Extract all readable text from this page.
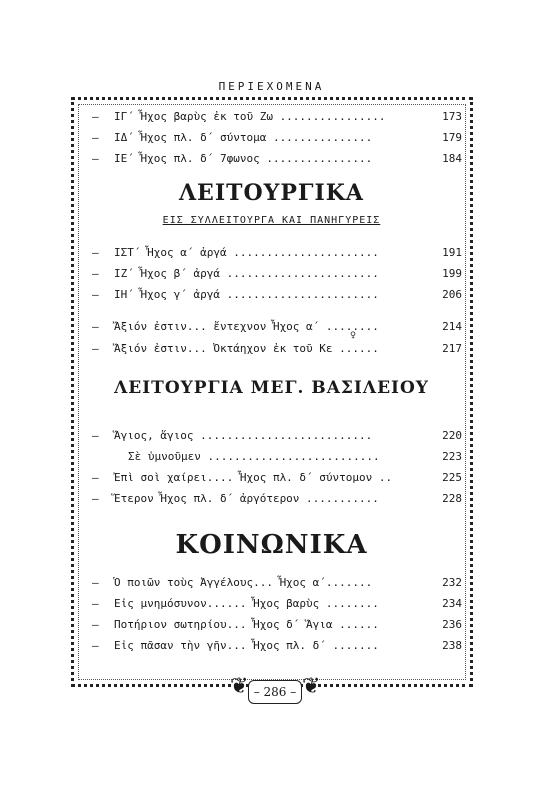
ΠΕΡΙΕΧΟΜΕΝΑ
– ΙΓ΄ Ἦχος βαρὺς ἐκ τοῦ Ζω ................	173
– ΙΔ΄ Ἦχος πλ. δ΄ σύντομα ...............	179
– ΙΕ΄ Ἦχος πλ. δ΄ 7φωνος ................	184
ΛΕΙΤΟΥΡΓΙΚΑ
ΕΙΣ ΣΥΛΛΕΙΤΟΥΡΓΑ ΚΑΙ ΠΑΝΗΓΥΡΕΙΣ
– ΙΣΤ΄ Ἦχος α΄ ἀργά ......................	191
– ΙΖ΄ Ἦχος β΄ ἀργά .......................	199
– ΙΗ΄ Ἦχος γ΄ ἀργά .......................	206
– Ἄξιόν ἐστιν... ἔντεχνον Ἦχος α΄ ........	214
♀
– Ἄξιόν ἐστιν... Ὀκτάηχον ἐκ τοῦ Κε ......	217
ΛΕΙΤΟΥΡΓΙΑ ΜΕΓ. ΒΑΣΙΛΕΙΟΥ
– Ἅγιος, ἅγιος ..........................	220
Σὲ ὑμνοῦμεν ..........................	223
– Ἐπὶ σοὶ χαίρει.... Ἦχος πλ. δ΄ σύντομον ..	225
– Ἕτερον Ἦχος πλ. δ΄ ἀργότερον ...........	228
ΚΟΙΝΩΝΙΚΑ
– Ὁ ποιῶν τοὺς Ἀγγέλους... Ἦχος α΄.......	232
– Εἰς μνημόσυνον...... Ἦχος βαρὺς ........	234
– Ποτήριον σωτηρίου... Ἦχος δ΄ Ἅγια ......	236
– Εἰς πᾶσαν τὴν γῆν... Ἦχος πλ. δ΄ .......	238
❦ – 286 – ❦
